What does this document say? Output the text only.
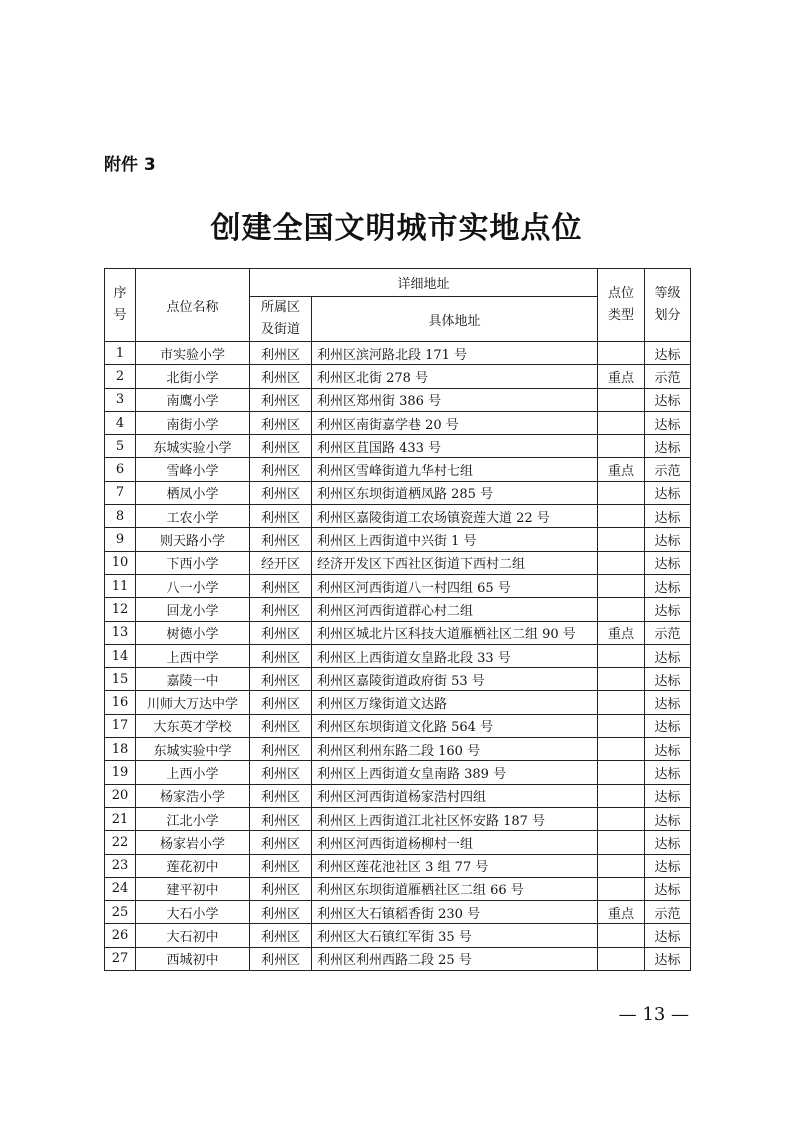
附件 3
创建全国文明城市实地点位
序号	点位名称	详细地址		点位类型	等级划分

		所属区及街道	具体地址		
1	市实验小学	利州区	利州区滨河路北段 171 号		达标
2	北街小学	利州区	利州区北街 278 号	重点	示范
3	南鹰小学	利州区	利州区郑州街 386 号		达标
4	南街小学	利州区	利州区南街嘉学巷 20 号		达标
5	东城实验小学	利州区	利州区苴国路 433 号		达标
6	雪峰小学	利州区	利州区雪峰街道九华村七组	重点	示范
7	栖凤小学	利州区	利州区东坝街道栖凤路 285 号		达标
8	工农小学	利州区	利州区嘉陵街道工农场镇瓷莲大道 22 号		达标
9	则天路小学	利州区	利州区上西街道中兴街 1 号		达标
10	下西小学	经开区	经济开发区下西社区街道下西村二组		达标
11	八一小学	利州区	利州区河西街道八一村四组 65 号		达标
12	回龙小学	利州区	利州区河西街道群心村二组		达标
13	树德小学	利州区	利州区城北片区科技大道雁栖社区二组 90 号	重点	示范
14	上西中学	利州区	利州区上西街道女皇路北段 33 号		达标
15	嘉陵一中	利州区	利州区嘉陵街道政府街 53 号		达标
16	川师大万达中学	利州区	利州区万缘街道文达路		达标
17	大东英才学校	利州区	利州区东坝街道文化路 564 号		达标
18	东城实验中学	利州区	利州区利州东路二段 160 号		达标
19	上西小学	利州区	利州区上西街道女皇南路 389 号		达标
20	杨家浩小学	利州区	利州区河西街道杨家浩村四组		达标
21	江北小学	利州区	利州区上西街道江北社区怀安路 187 号		达标
22	杨家岩小学	利州区	利州区河西街道杨柳村一组		达标
23	莲花初中	利州区	利州区莲花池社区 3 组 77 号		达标
24	建平初中	利州区	利州区东坝街道雁栖社区二组 66 号		达标
25	大石小学	利州区	利州区大石镇稻香街 230 号	重点	示范
26	大石初中	利州区	利州区大石镇红军街 35 号		达标
27	西城初中	利州区	利州区利州西路二段 25 号		达标
— 13 —
